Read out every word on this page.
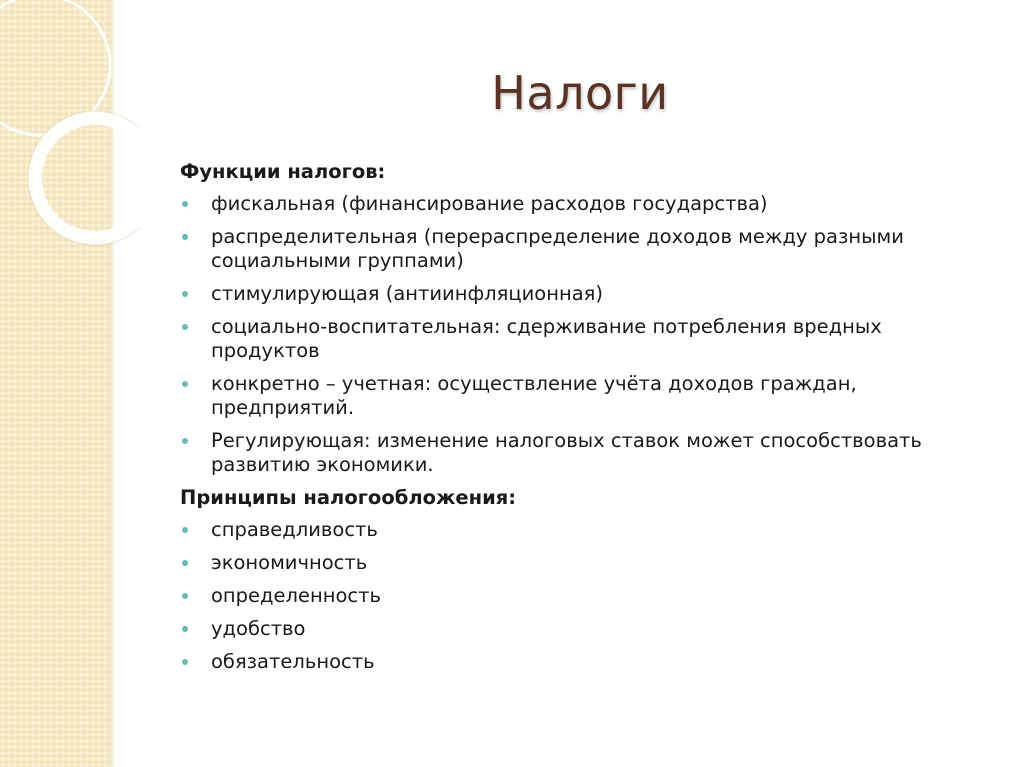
Налоги
Функции налогов:
фискальная (финансирование расходов государства)
распределительная (перераспределение доходов между разными социальными группами)
стимулирующая (антиинфляционная)
социально-воспитательная: сдерживание потребления вредных продуктов
конкретно – учетная: осуществление учёта доходов граждан, предприятий.
Регулирующая: изменение налоговых ставок может способствовать развитию экономики.
Принципы налогообложения:
справедливость
экономичность
определенность
удобство
обязательность
